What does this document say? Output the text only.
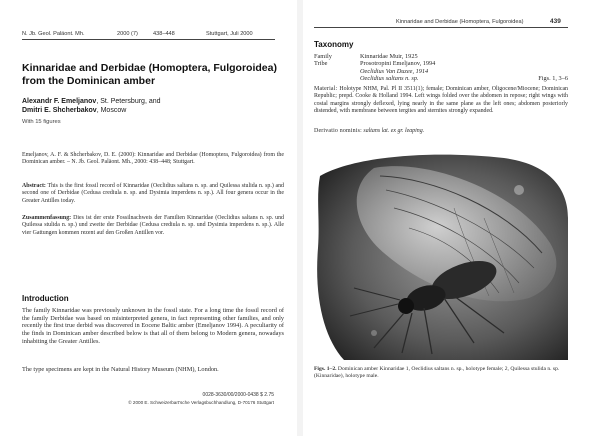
N. Jb. Geol. Paläont. Mh.	2000 (7)	438–448	Stuttgart, Juli 2000
Kinnaridae and Derbidae (Homoptera, Fulgoroidea) from the Dominican amber
Alexandr F. Emeljanov, St. Petersburg, and
Dmitri E. Shcherbakov, Moscow
With 15 figures
Emeljanov, A. F. & Shcherbakov, D. E. (2000): Kinnaridae and Derbidae (Homoptera, Fulgoroidea) from the Dominican amber. – N. Jb. Geol. Paläont. Mh., 2000: 438–448; Stuttgart.
Abstract: This is the first fossil record of Kinnaridae (Oeclidius saltans n. sp. and Quilessa stulida n. sp.) and second one of Derbidae (Cedusa crediula n. sp. and Dysimia imperdens n. sp.). All four genera occur in the Greater Antilles today.
Zusammenfassung: Dies ist der erste Fossilnachweis der Familien Kinnaridae (Oeclidius saltans n. sp. und Quilessa stulida n. sp.) und zweite der Derbidae (Cedusa crediula n. sp. und Dysimia imperdens n. sp.). Alle vier Gattungen kommen rezent auf den Großen Antillen vor.
Introduction
The family Kinnaridae was previously unknown in the fossil state. For a long time the fossil record of the family Derbidae was based on misinterpreted genera, in fact representing other families, and only recently the first true derbid was discovered in Eocene Baltic amber (Emeljanov 1994). A peculiarity of the finds in Dominican amber described below is that all of them belong to Modern genera, nowadays inhabiting the Greater Antilles.
The type specimens are kept in the Natural History Museum (NHM), London.
0028-3630/00/2000-0438 $ 2.75
© 2000 E. Schweizerbart'sche Verlagsbuchhandlung, D-70176 Stuttgart
Kinnaridae and Derbidae (Homoptera, Fulgoroidea)	439
Taxonomy
Family	Kinnaridae Muir, 1925
Tribe	Prosotropini Emeljanov, 1994
Oeclidius Van Duzee, 1914
Oeclidius saltans n. sp.	Figs. 1, 3–6
Material: Holotype NHM, Pal. Pl II 3511(1); female; Dominican amber, Oligocene/Miocene; Dominican Republic; prepd. Cooke & Holland 1994. Left wings folded over the abdomen in repose; right wings with costal margins strongly deflexed, lying nearly in the same plane as the left ones; abdomen posteriorly distended, with membrane between tergites and sternites strongly expanded.
Derivatio nominis: saltans lat. ex gr. leaping.
Figs. 1–2. Dominican amber Kinnaridae 1, Oeclidius saltans n. sp., holotype female; 2, Quilessa stulida n. sp. (Kinnaridae), holotype male.
